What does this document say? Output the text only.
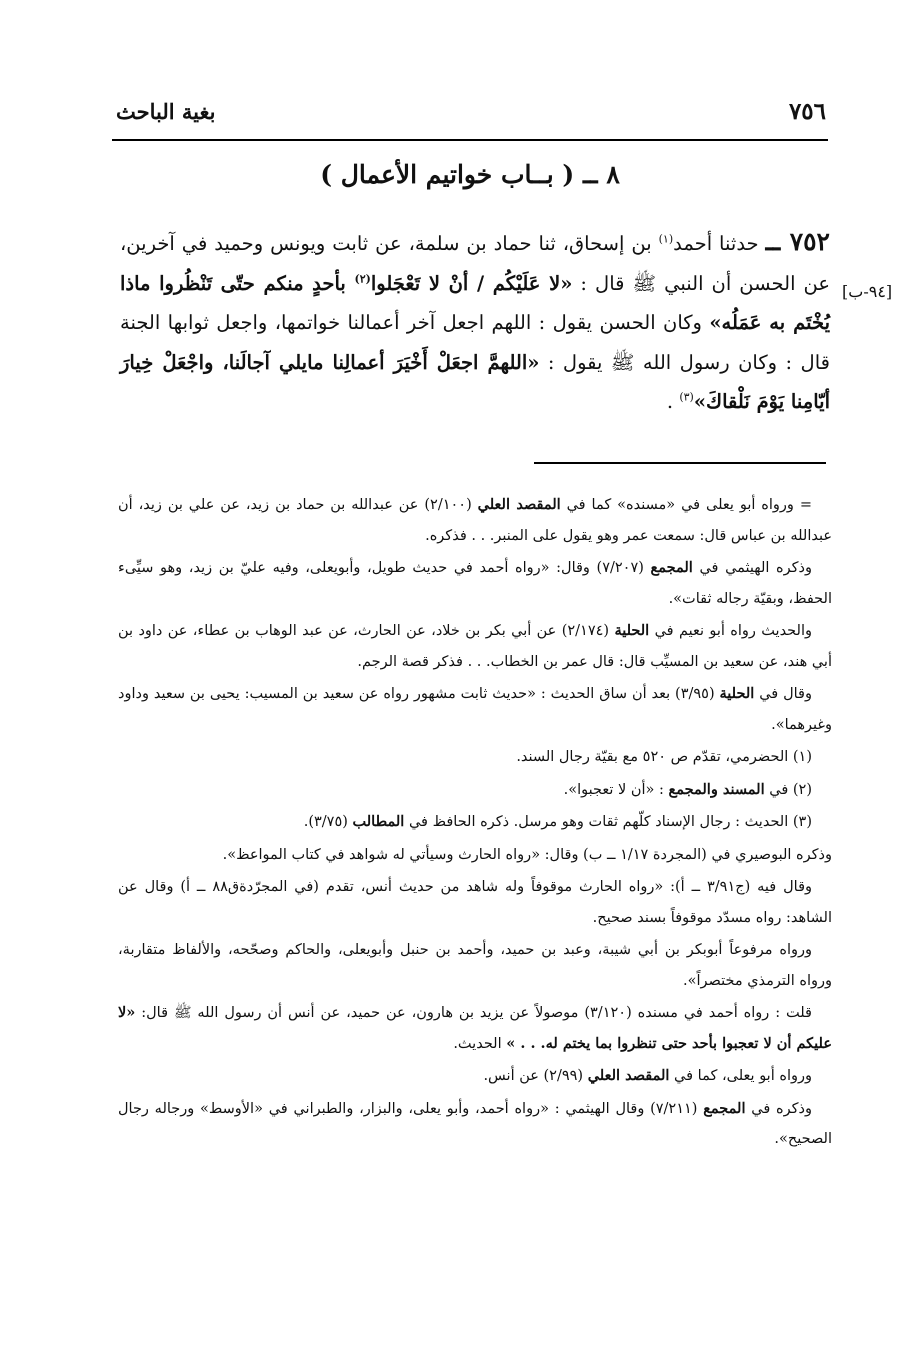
٧٥٦
بغية الباحث
٨ ــ ( بــاب خواتيم الأعمال )
[٩٤-ب]

٧٥٢ ــ حدثنا أحمد$^{(١)}$ بن إسحاق، ثنا حماد بن سلمة، عن ثابت ويونس وحميد في آخرين، عن الحسن أن النبي ﷺ قال : «لا عَلَيْكُم / أنْ لا تَعْجَلوا$^{(٢)}$ بأحدٍ منكم حتّى تَنْظُروا ماذا يُخْتَم به عَمَلُه» وكان الحسن يقول : اللهم اجعل آخر أعمالنا خواتمها، واجعل ثوابها الجنة قال : وكان رسول الله ﷺ يقول : «اللهمَّ اجعَلْ أَخْيَرَ أعمالِنا مايلي آجالَنا، واجْعَلْ خِيارَ أيّامِنا يَوْمَ نَلْقاكَ»$^{(٣)}$ .

= ورواه أبو يعلى في «مسنده» كما في المقصد العلي (٢/١٠٠) عن عبدالله بن حماد بن زيد، عن علي بن زيد، أن عبدالله بن عباس قال: سمعت عمر وهو يقول على المنبر. . . فذكره.

وذكره الهيثمي في المجمع (٧/٢٠٧) وقال: «رواه أحمد في حديث طويل، وأبويعلى، وفيه عليّ بن زيد، وهو سيِّىء الحفظ، وبقيّة رجاله ثقات».

والحديث رواه أبو نعيم في الحلية (٢/١٧٤) عن أبي بكر بن خلاد، عن الحارث، عن عبد الوهاب بن عطاء، عن داود بن أبي هند، عن سعيد بن المسيِّب قال: قال عمر بن الخطاب. . . فذكر قصة الرجم.

وقال في الحلية (٣/٩٥) بعد أن ساق الحديث : «حديث ثابت مشهور رواه عن سعيد بن المسيب: يحيى بن سعيد وداود وغيرهما».

(١) الحضرمي، تقدّم ص ٥٢٠ مع بقيّة رجال السند.

(٢) في المسند والمجمع : «أن لا تعجبوا».

(٣) الحديث : رجال الإسناد كلّهم ثقات وهو مرسل. ذكره الحافظ في المطالب (٣/٧٥).

وذكره البوصيري في (المجردة ١/١٧ ــ ب) وقال: «رواه الحارث وسيأتي له شواهد في كتاب المواعظ».

وقال فيه (ج٣/٩١ ــ أ): «رواه الحارث موقوفاً وله شاهد من حديث أنس، تقدم (في المجرّدةق٨٨ ــ أ) وقال عن الشاهد: رواه مسدّد موقوفاً بسند صحيح.

ورواه مرفوعاً أبوبكر بن أبي شيبة، وعبد بن حميد، وأحمد بن حنبل وأبويعلى، والحاكم وصحّحه، والألفاظ متقاربة، ورواه الترمذي مختصراً».

قلت : رواه أحمد في مسنده (٣/١٢٠) موصولاً عن يزيد بن هارون، عن حميد، عن أنس أن رسول الله ﷺ قال: «لا عليكم أن لا تعجبوا بأحد حتى تنظروا بما يختم له. . . » الحديث.

ورواه أبو يعلى، كما في المقصد العلي (٢/٩٩) عن أنس.

وذكره في المجمع (٧/٢١١) وقال الهيثمي : «رواه أحمد، وأبو يعلى، والبزار، والطبراني في «الأوسط» ورجاله رجال الصحيح».
